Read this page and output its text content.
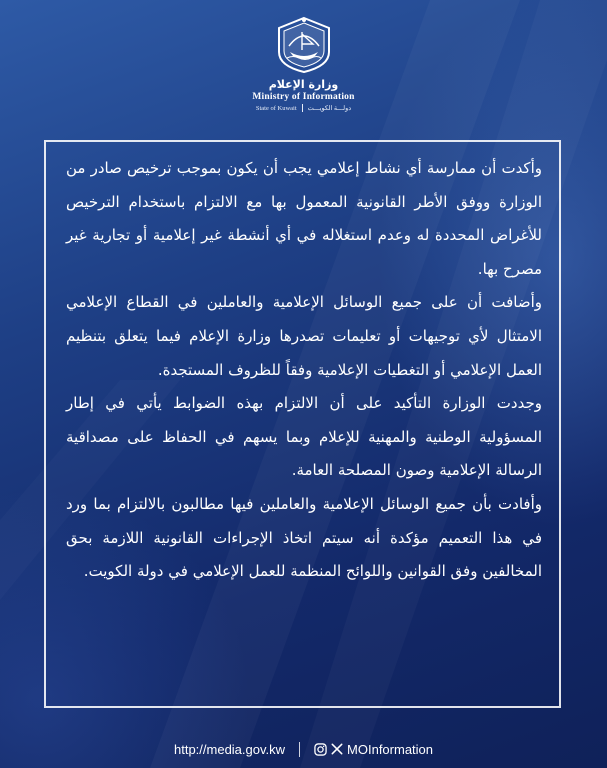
وزارة الإعلام
Ministry of Information
State of Kuwait دولـــة الكويـــت

وأكدت أن ممارسة أي نشاط إعلامي يجب أن يكون بموجب ترخيص صادر من الوزارة ووفق الأطر القانونية المعمول بها مع الالتزام باستخدام الترخيص للأغراض المحددة له وعدم استغلاله في أي أنشطة غير إعلامية أو تجارية غير مصرح بها.

وأضافت أن على جميع الوسائل الإعلامية والعاملين في القطاع الإعلامي الامتثال لأي توجيهات أو تعليمات تصدرها وزارة الإعلام فيما يتعلق بتنظيم العمل الإعلامي أو التغطيات الإعلامية وفقاً للظروف المستجدة.

وجددت الوزارة التأكيد على أن الالتزام بهذه الضوابط يأتي في إطار المسؤولية الوطنية والمهنية للإعلام وبما يسهم في الحفاظ على مصداقية الرسالة الإعلامية وصون المصلحة العامة.

وأفادت بأن جميع الوسائل الإعلامية والعاملين فيها مطالبون بالالتزام بما ورد في هذا التعميم مؤكدة أنه سيتم اتخاذ الإجراءات القانونية اللازمة بحق المخالفين وفق القوانين واللوائح المنظمة للعمل الإعلامي في دولة الكويت.

http://media.gov.kw	MOInformation
